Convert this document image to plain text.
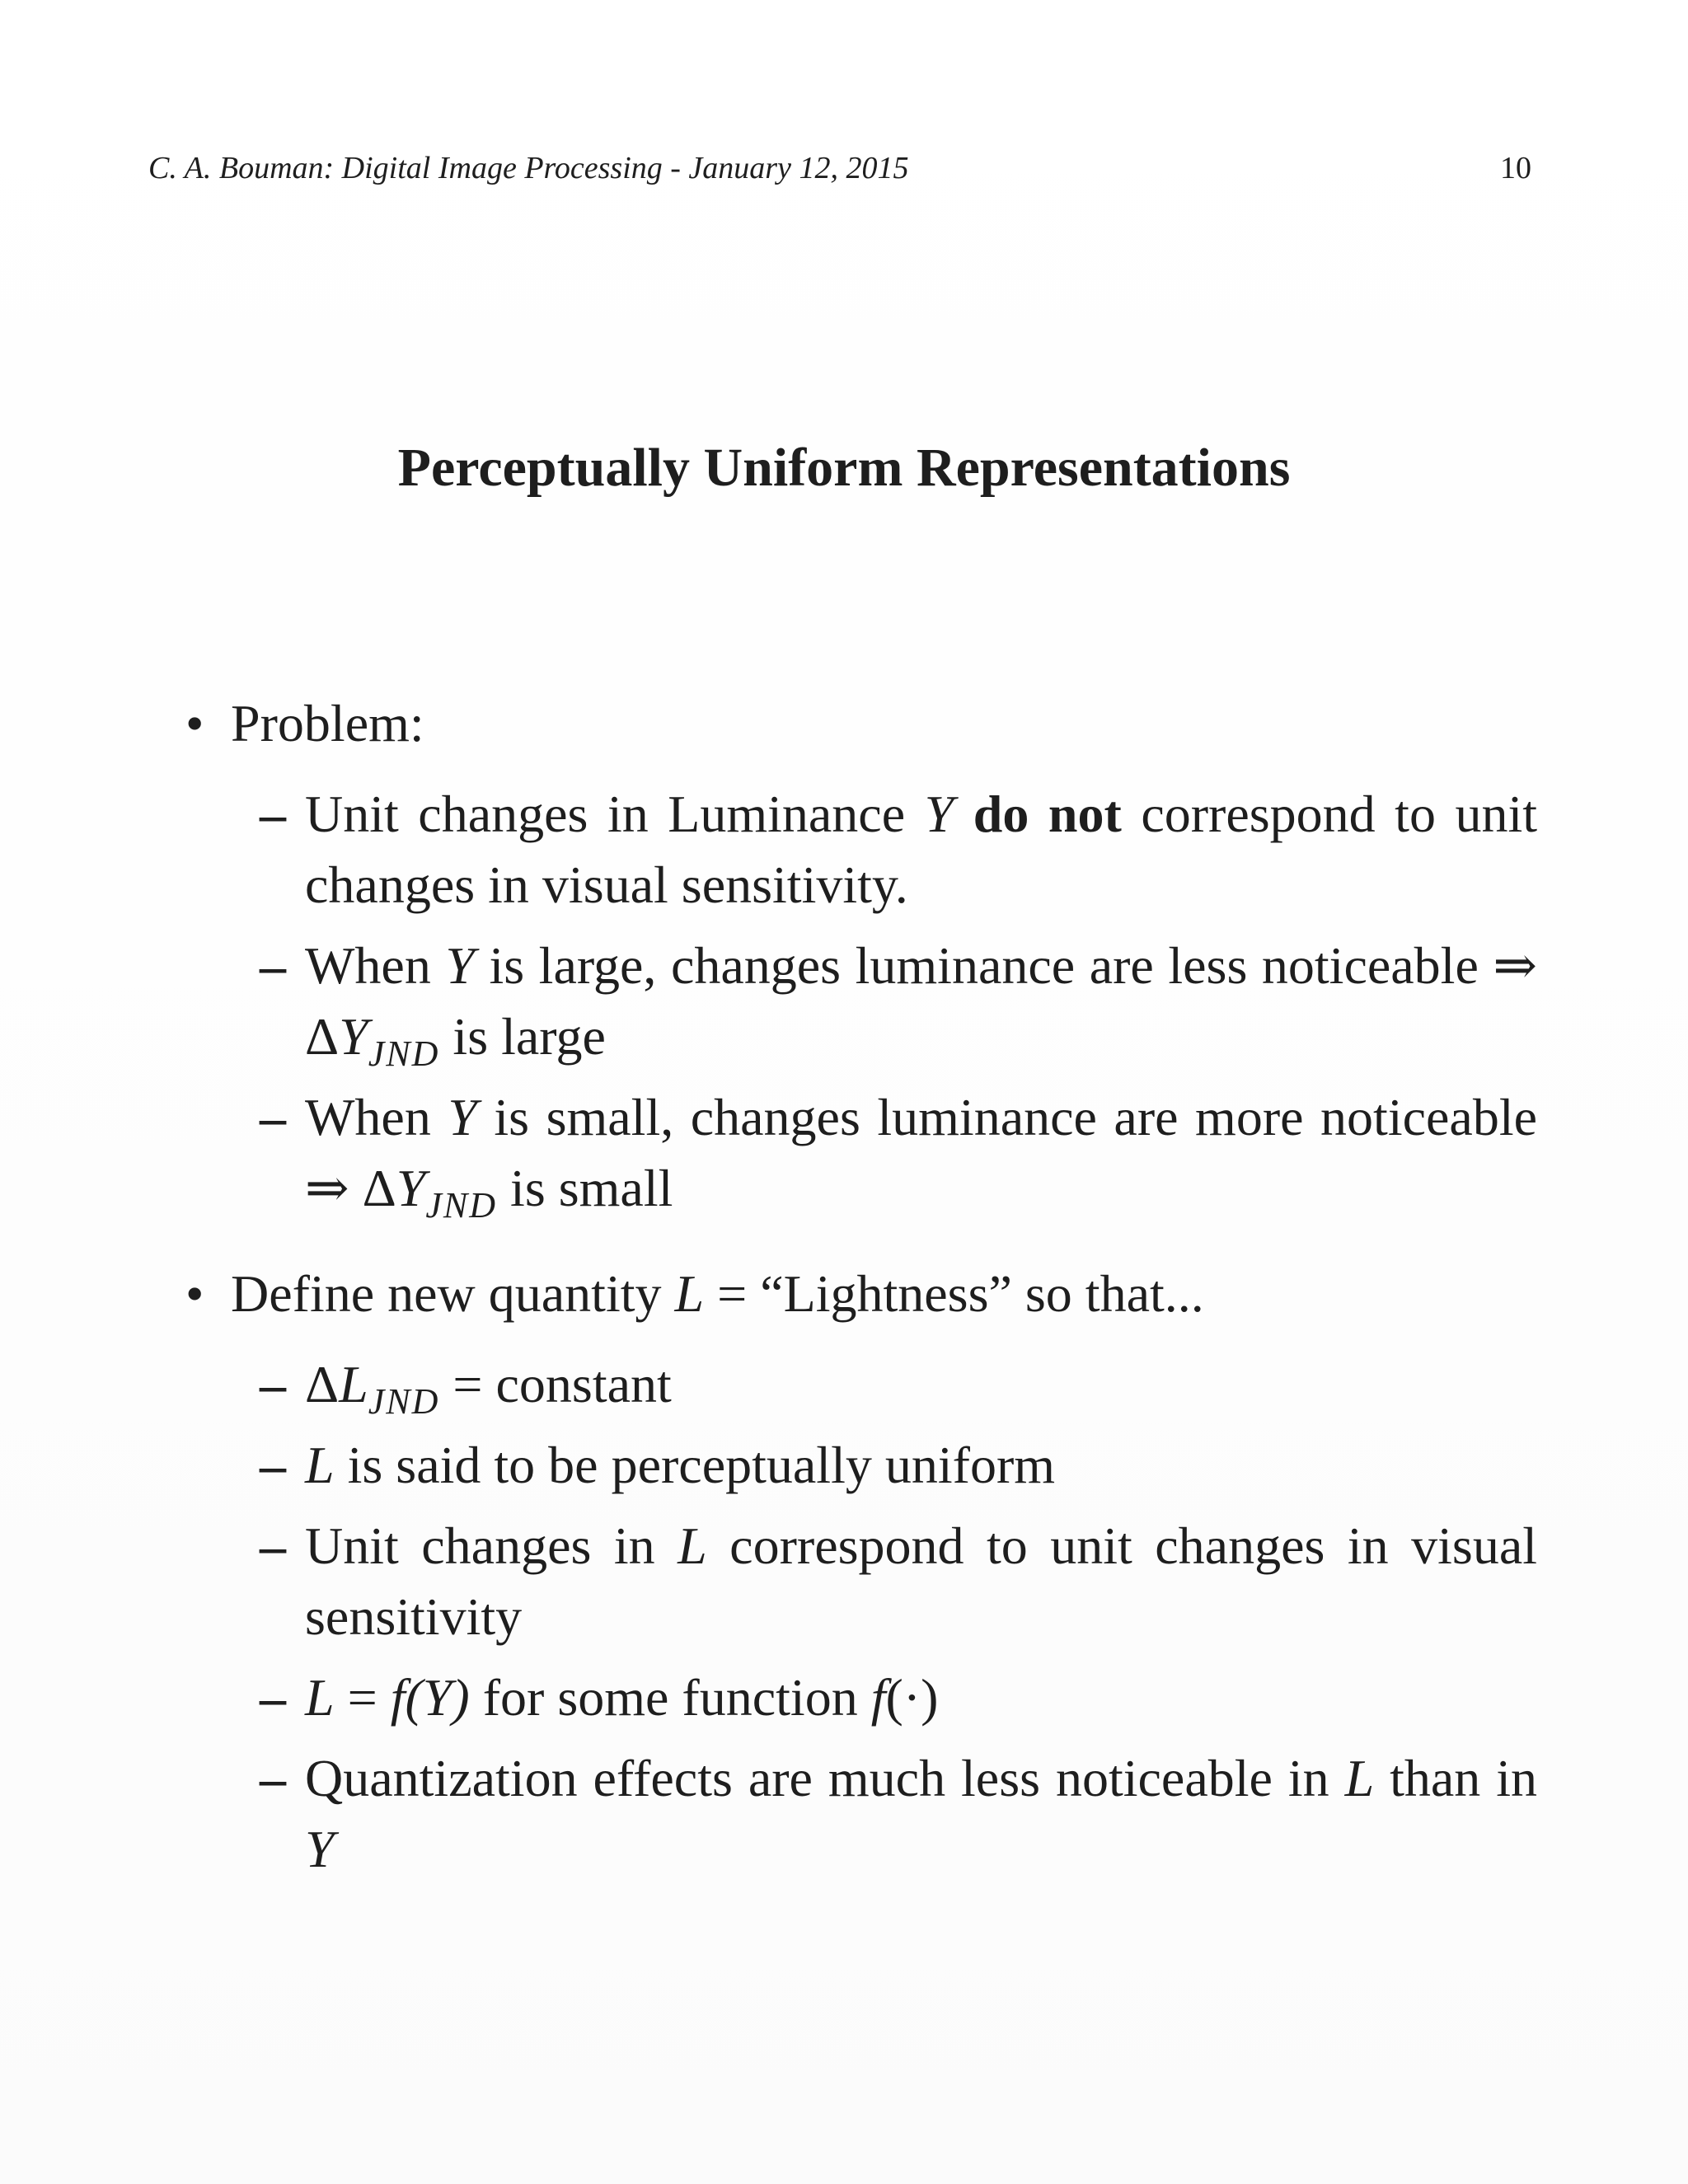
C. A. Bouman: Digital Image Processing - January 12, 2015	10
Perceptually Uniform Representations
• Problem:
– Unit changes in Luminance Y do not correspond to unit changes in visual sensitivity.
– When Y is large, changes luminance are less noticeable ⇒ $\Delta Y_{JND}$ is large
– When Y is small, changes luminance are more noticeable ⇒ $\Delta Y_{JND}$ is small
• Define new quantity L = “Lightness” so that...
– $\Delta L_{JND}$ = constant
– L is said to be perceptually uniform
– Unit changes in L correspond to unit changes in visual sensitivity
– L = f(Y) for some function f(·)
– Quantization effects are much less noticeable in L than in Y
